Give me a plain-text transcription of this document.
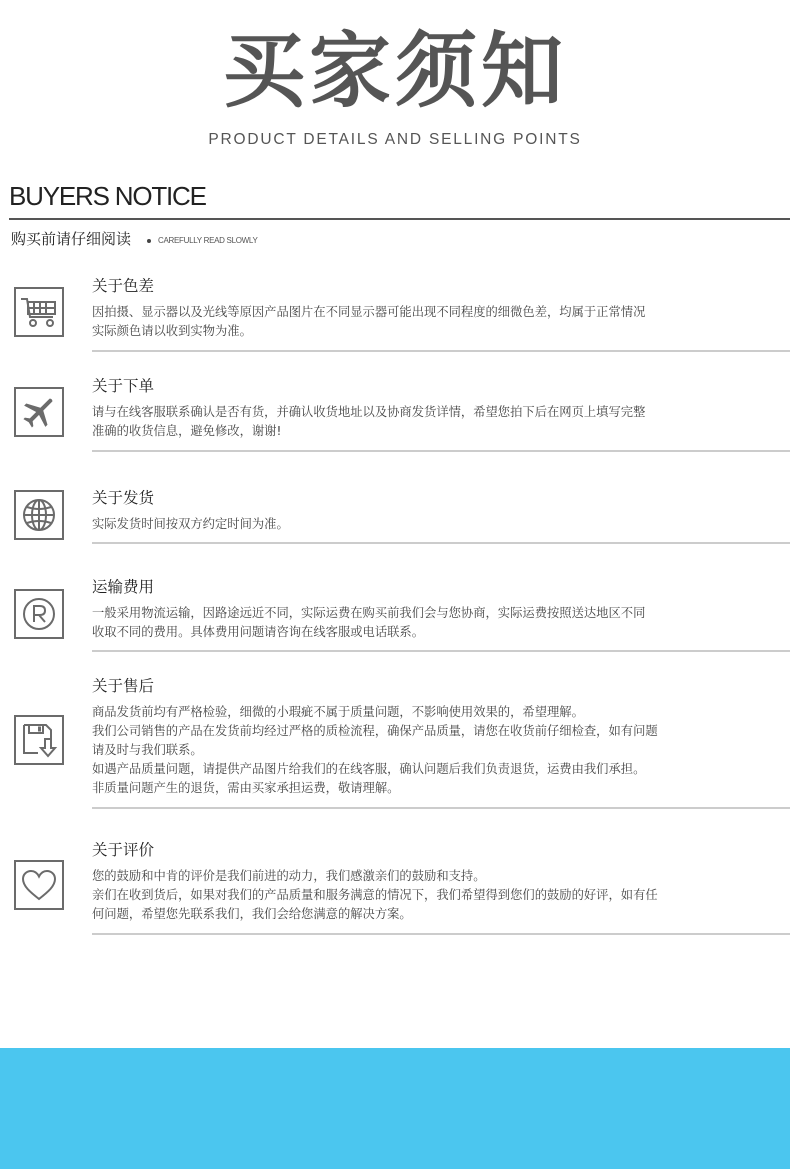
买家须知
PRODUCT DETAILS AND SELLING POINTS
BUYERS NOTICE
购买前请仔细阅读	CAREFULLY READ SLOWLY
关于色差
因拍摄、显示器以及光线等原因产品图片在不同显示器可能出现不同程度的细微色差，均属于正常情况
实际颜色请以收到实物为准。
关于下单
请与在线客服联系确认是否有货，并确认收货地址以及协商发货详情，希望您拍下后在网页上填写完整
准确的收货信息，避免修改，谢谢!
关于发货
实际发货时间按双方约定时间为准。
运输费用
一般采用物流运输，因路途远近不同，实际运费在购买前我们会与您协商，实际运费按照送达地区不同
收取不同的费用。具体费用问题请咨询在线客服或电话联系。
关于售后
商品发货前均有严格检验，细微的小瑕疵不属于质量问题，不影响使用效果的，希望理解。
我们公司销售的产品在发货前均经过严格的质检流程，确保产品质量，请您在收货前仔细检查，如有问题
请及时与我们联系。
如遇产品质量问题，请提供产品图片给我们的在线客服，确认问题后我们负责退货，运费由我们承担。
非质量问题产生的退货，需由买家承担运费，敬请理解。
关于评价
您的鼓励和中肯的评价是我们前进的动力，我们感激亲们的鼓励和支持。
亲们在收到货后，如果对我们的产品质量和服务满意的情况下，我们希望得到您们的鼓励的好评，如有任
何问题，希望您先联系我们，我们会给您满意的解决方案。
